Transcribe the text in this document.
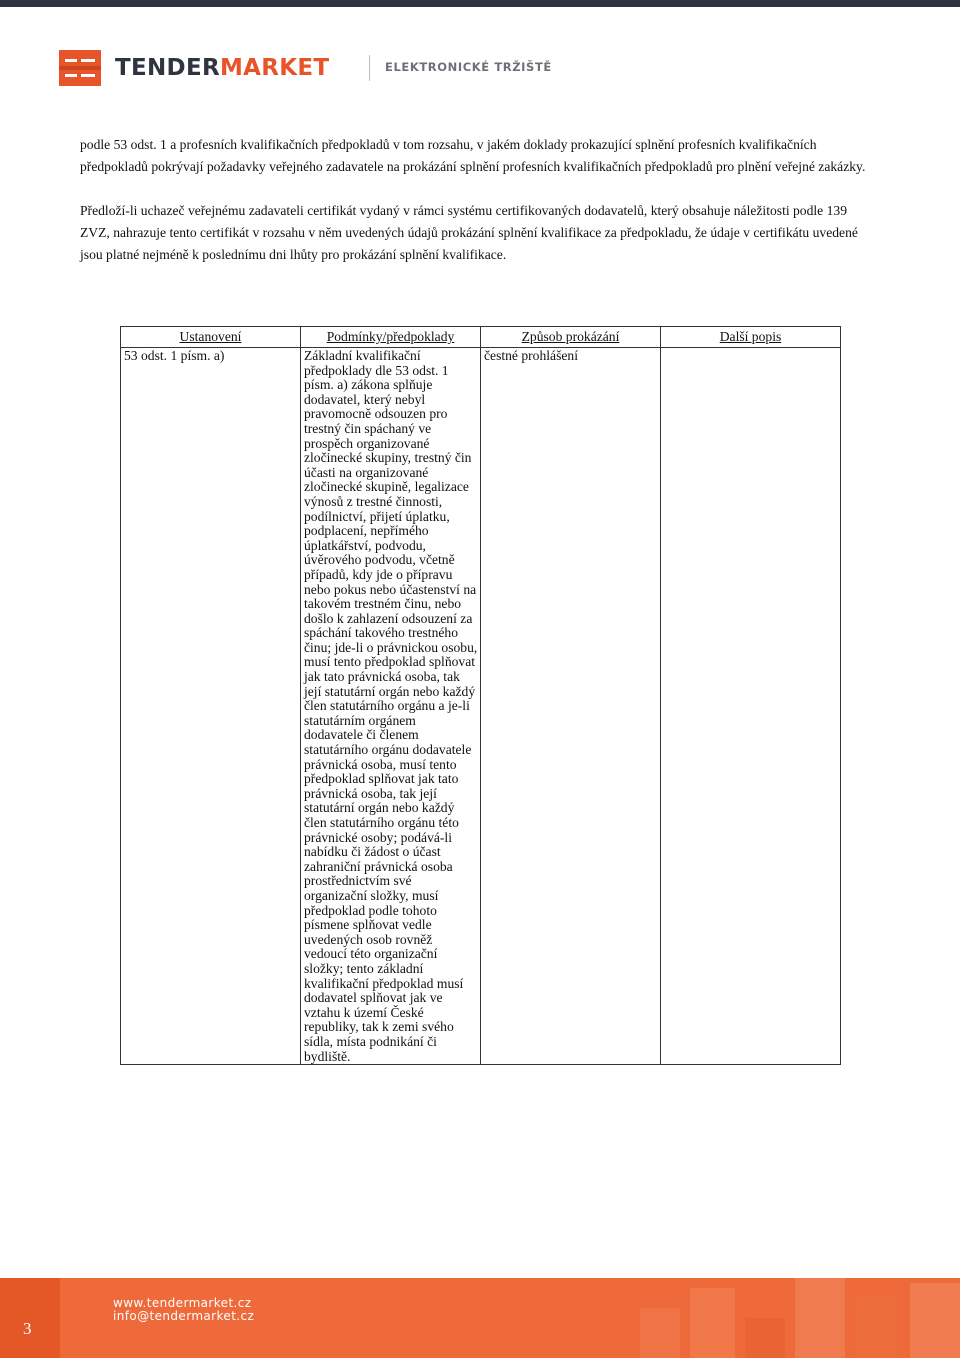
TENDERMARKET	ELEKTRONICKÉ TRŽIŠTĚ

podle 53 odst. 1 a profesních kvalifikačních předpokladů v tom rozsahu, v jakém doklady prokazující splnění profesních kvalifikačních předpokladů pokrývají požadavky veřejného zadavatele na prokázání splnění profesních kvalifikačních předpokladů pro plnění veřejné zakázky.

Předloží-li uchazeč veřejnému zadavateli certifikát vydaný v rámci systému certifikovaných dodavatelů, který obsahuje náležitosti podle 139 ZVZ, nahrazuje tento certifikát v rozsahu v něm uvedených údajů prokázání splnění kvalifikace za předpokladu, že údaje v certifikátu uvedené jsou platné nejméně k poslednímu dni lhůty pro prokázání splnění kvalifikace.

Ustanovení	Podmínky/předpoklady	Způsob prokázání	Další popis
53 odst. 1 písm. a)	Základní kvalifikační předpoklady dle 53 odst. 1 písm. a) zákona splňuje dodavatel, který nebyl pravomocně odsouzen pro trestný čin spáchaný ve prospěch organizované zločinecké skupiny, trestný čin účasti na organizované zločinecké skupině, legalizace výnosů z trestné činnosti, podílnictví, přijetí úplatku, podplacení, nepřímého úplatkářství, podvodu, úvěrového podvodu, včetně případů, kdy jde o přípravu nebo pokus nebo účastenství na takovém trestném činu, nebo došlo k zahlazení odsouzení za spáchání takového trestného činu; jde-li o právnickou osobu, musí tento předpoklad splňovat jak tato právnická osoba, tak její statutární orgán nebo každý člen statutárního orgánu a je-li statutárním orgánem dodavatele či členem statutárního orgánu dodavatele právnická osoba, musí tento předpoklad splňovat jak tato právnická osoba, tak její statutární orgán nebo každý člen statutárního orgánu této právnické osoby; podává-li nabídku či žádost o účast zahraniční právnická osoba prostřednictvím své organizační složky, musí předpoklad podle tohoto písmene splňovat vedle uvedených osob rovněž vedoucí této organizační složky; tento základní kvalifikační předpoklad musí dodavatel splňovat jak ve vztahu k území České republiky, tak k zemi svého sídla, místa podnikání či bydliště.	čestné prohlášení	
3
www.tendermarket.cz
info@tendermarket.cz
